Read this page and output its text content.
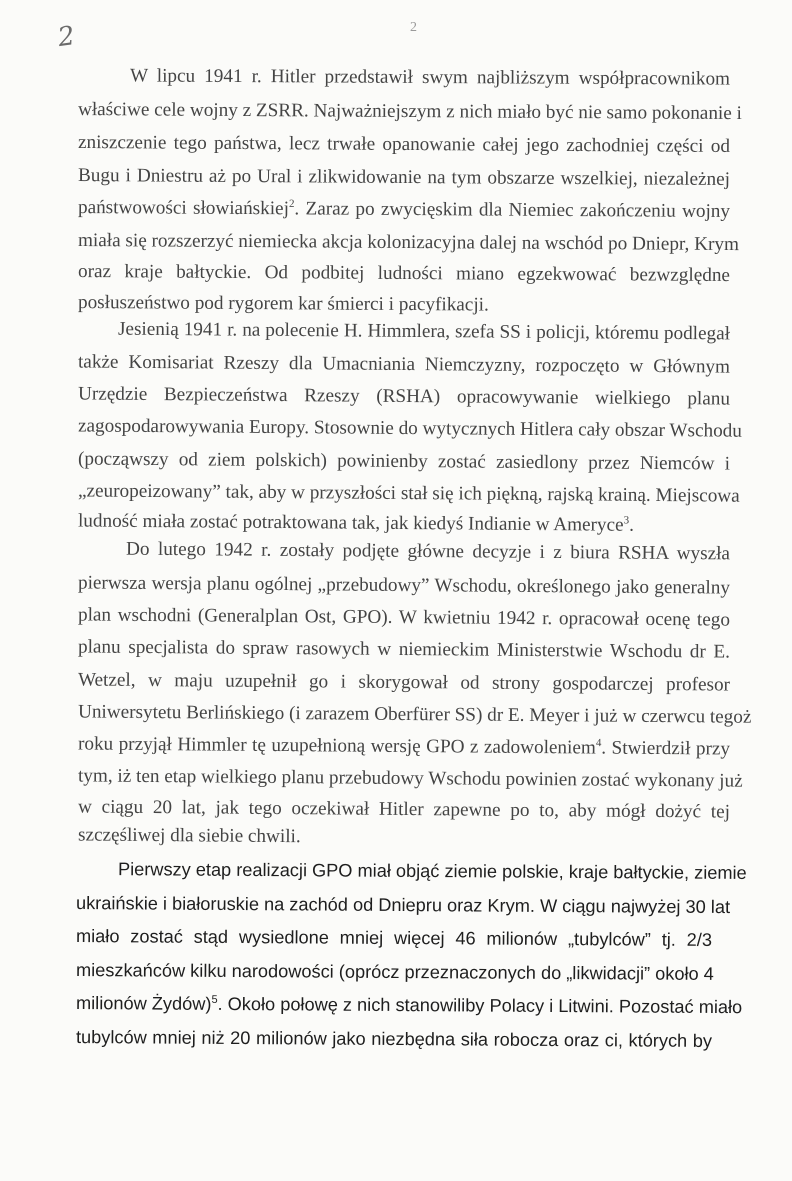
2	2
W lipcu 1941 r. Hitler przedstawił swym najbliższym współpracownikom
właściwe cele wojny z ZSRR. Najważniejszym z nich miało być nie samo pokonanie i
zniszczenie tego państwa, lecz trwałe opanowanie całej jego zachodniej części od
Bugu i Dniestru aż po Ural i zlikwidowanie na tym obszarze wszelkiej, niezależnej
państwowości słowiańskiej$^2$. Zaraz po zwycięskim dla Niemiec zakończeniu wojny
miała się rozszerzyć niemiecka akcja kolonizacyjna dalej na wschód po Dniepr, Krym
oraz kraje bałtyckie. Od podbitej ludności miano egzekwować bezwzględne
posłuszeństwo pod rygorem kar śmierci i pacyfikacji.
Jesienią 1941 r. na polecenie H. Himmlera, szefa SS i policji, któremu podlegał
także Komisariat Rzeszy dla Umacniania Niemczyzny, rozpoczęto w Głównym
Urzędzie Bezpieczeństwa Rzeszy (RSHA) opracowywanie wielkiego planu
zagospodarowywania Europy. Stosownie do wytycznych Hitlera cały obszar Wschodu
(począwszy od ziem polskich) powinienby zostać zasiedlony przez Niemców i
„zeuropeizowany” tak, aby w przyszłości stał się ich piękną, rajską krainą. Miejscowa
ludność miała zostać potraktowana tak, jak kiedyś Indianie w Ameryce$^3$.
Do lutego 1942 r. zostały podjęte główne decyzje i z biura RSHA wyszła
pierwsza wersja planu ogólnej „przebudowy” Wschodu, określonego jako generalny
plan wschodni (Generalplan Ost, GPO). W kwietniu 1942 r. opracował ocenę tego
planu specjalista do spraw rasowych w niemieckim Ministerstwie Wschodu dr E.
Wetzel, w maju uzupełnił go i skorygował od strony gospodarczej profesor
Uniwersytetu Berlińskiego (i zarazem Oberfürer SS) dr E. Meyer i już w czerwcu tegoż
roku przyjął Himmler tę uzupełnioną wersję GPO z zadowoleniem$^4$. Stwierdził przy
tym, iż ten etap wielkiego planu przebudowy Wschodu powinien zostać wykonany już
w ciągu 20 lat, jak tego oczekiwał Hitler zapewne po to, aby mógł dożyć tej
szczęśliwej dla siebie chwili.
Pierwszy etap realizacji GPO miał objąć ziemie polskie, kraje bałtyckie, ziemie
ukraińskie i białoruskie na zachód od Dniepru oraz Krym. W ciągu najwyżej 30 lat
miało zostać stąd wysiedlone mniej więcej 46 milionów „tubylców” tj. 2/3
mieszkańców kilku narodowości (oprócz przeznaczonych do „likwidacji” około 4
milionów Żydów)$^5$. Około połowę z nich stanowiliby Polacy i Litwini. Pozostać miało
tubylców mniej niż 20 milionów jako niezbędna siła robocza oraz ci, których by
